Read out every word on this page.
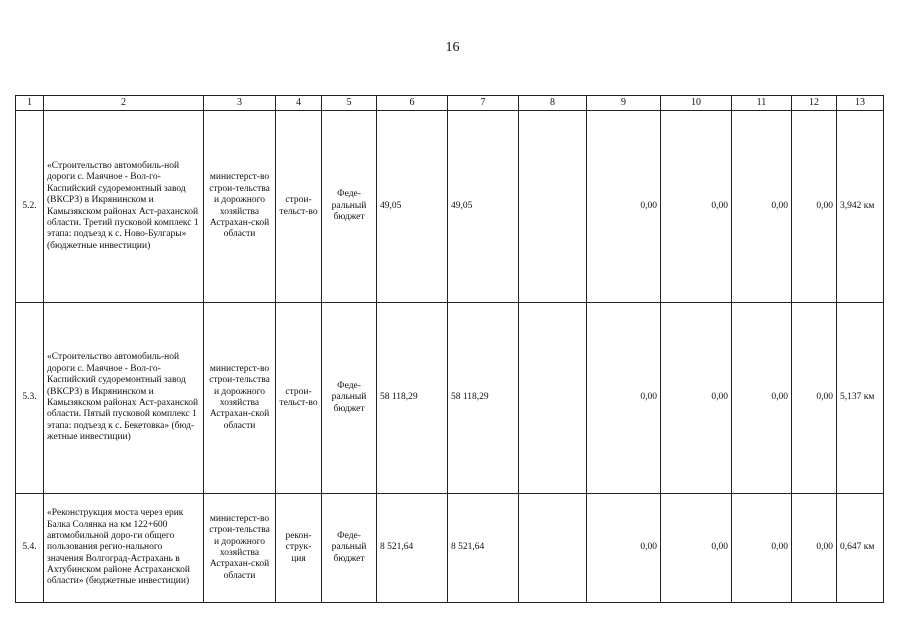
16
1	2	3	4	5	6	7	8	9	10	11	12	13
5.2.	«Строительство автомобиль-ной дороги с. Маячное - Вол-го-Каспийский судоремонтный завод (ВКСРЗ) в Икрянинском и Камызякском районах Аст-раханской области. Третий пусковой комплекс 1 этапа: подъезд к с. Ново-Булгары» (бюджетные инвестиции)	министерст-во строи-тельства и дорожного хозяйства Астрахан-ской области	строи-тельст-во	Феде-ральный бюджет	49,05	49,05		0,00	0,00	0,00	0,00	3,942 км
5.3.	«Строительство автомобиль-ной дороги с. Маячное - Вол-го-Каспийский судоремонтный завод (ВКСРЗ) в Икрянинском и Камызякском районах Аст-раханской области. Пятый пусковой комплекс 1 этапа: подъезд к с. Бекетовка» (бюд-жетные инвестиции)	министерст-во строи-тельства и дорожного хозяйства Астрахан-ской области	строи-тельст-во	Феде-ральный бюджет	58 118,29	58 118,29		0,00	0,00	0,00	0,00	5,137 км
5.4.	«Реконструкция моста через ерик Балка Солянка на км 122+600 автомобильной доро-ги общего пользования регио-нального значения Волгоград-Астрахань в Ахтубинском районе Астраханской области» (бюджетные инвестиции)	министерст-во строи-тельства и дорожного хозяйства Астрахан-ской области	рекон-струк-ция	Феде-ральный бюджет	8 521,64	8 521,64		0,00	0,00	0,00	0,00	0,647 км
